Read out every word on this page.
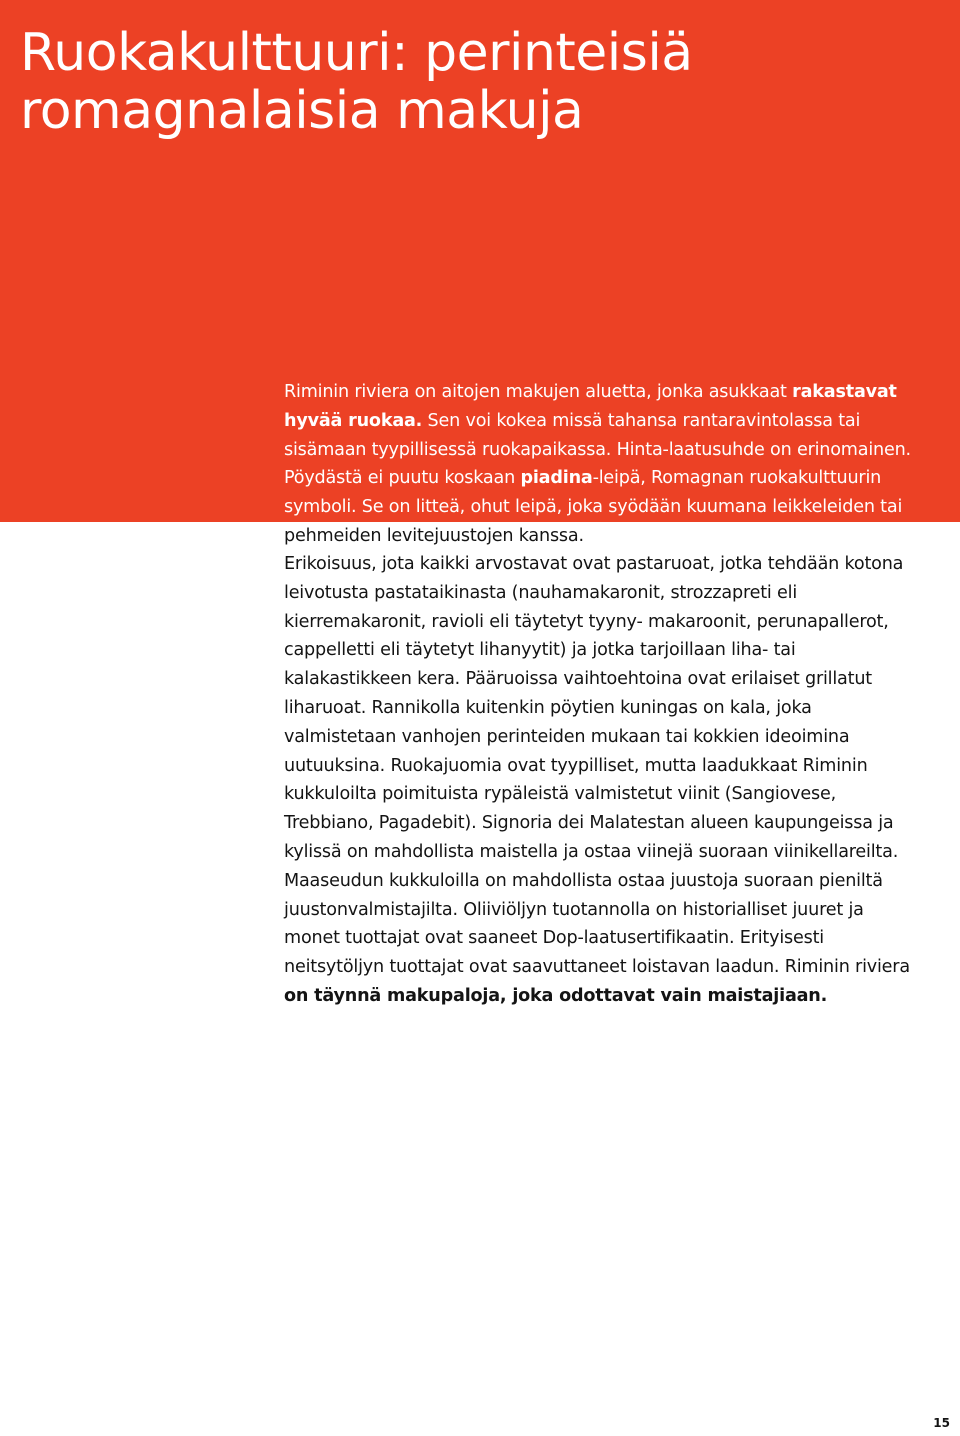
Ruokakulttuuri: perinteisiä
romagnalaisia makuja

Riminin riviera on aitojen makujen aluetta, jonka asukkaat rakastavat
hyvää ruokaa. Sen voi kokea missä tahansa rantaravintolassa tai
sisämaan tyypillisessä ruokapaikassa. Hinta-laatusuhde on erinomainen.
Pöydästä ei puutu koskaan piadina-leipä, Romagnan ruokakulttuurin
symboli. Se on litteä, ohut leipä, joka syödään kuumana leikkeleiden tai
pehmeiden levitejuustojen kanssa.

Erikoisuus, jota kaikki arvostavat ovat pastaruoat, jotka tehdään kotona
leivotusta pastataikinasta (nauhamakaronit, strozzapreti eli
kierremakaronit, ravioli eli täytetyt tyyny- makaroonit, perunapallerot,
cappelletti eli täytetyt lihanyytit) ja jotka tarjoillaan liha- tai
kalakastikkeen kera. Pääruoissa vaihtoehtoina ovat erilaiset grillatut
liharuoat. Rannikolla kuitenkin pöytien kuningas on kala, joka
valmistetaan vanhojen perinteiden mukaan tai kokkien ideoimina
uutuuksina. Ruokajuomia ovat tyypilliset, mutta laadukkaat Riminin
kukkuloilta poimituista rypäleistä valmistetut viinit (Sangiovese,
Trebbiano, Pagadebit). Signoria dei Malatestan alueen kaupungeissa ja
kylissä on mahdollista maistella ja ostaa viinejä suoraan viinikellareilta.
Maaseudun kukkuloilla on mahdollista ostaa juustoja suoraan pieniltä
juustonvalmistajilta. Oliiviöljyn tuotannolla on historialliset juuret ja
monet tuottajat ovat saaneet Dop-laatusertifikaatin. Erityisesti
neitsytöljyn tuottajat ovat saavuttaneet loistavan laadun. Riminin riviera
on täynnä makupaloja, joka odottavat vain maistajiaan.

15
